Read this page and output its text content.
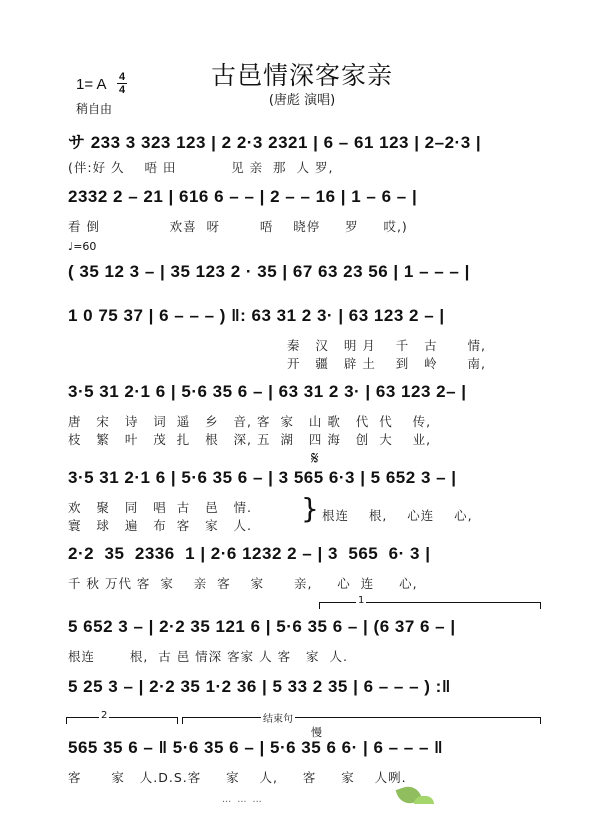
古邑情深客家亲
(唐彪 演唱)
1= A 4
4
稍自由
サ 233 3 323 123 | 2 2·3 2321 | 6 – 61 123 | 2–2·3 |
(伴:好 久    唔 田           见 亲  那  人 罗,
2332 2 – 21 | 616 6 – – | 2 – – 16 | 1 – 6 – |
看 倒              欢喜  呀        唔    晓停     罗     哎,)
♩=60
( 35 12 3 – | 35 123 2 · 35 | 67 63 23 56 | 1 – – – |
1 0 75 37 | 6 – – – ) ‖: 63 31 2 3· | 63 123 2 – |
秦   汉   明 月    千   古      情,
开   疆   辟 土    到   岭      南,
3·5 31 2·1 6 | 5·6 35 6 – | 63 31 2 3· | 63 123 2– |
唐   宋   诗   词  遥   乡   音, 客  家   山 歌   代  代    传,
枝   繁   叶   茂  扎   根   深, 五  湖   四 海   创  大    业,
𝄋
3·5 31 2·1 6 | 5·6 35 6 – | 3 565 6·3 | 5 652 3 – |
欢   聚   同   唱  古   邑   情.
寰   球   遍   布  客   家   人.
} 根连    根,    心连    心,
2·2  35  2336  1 | 2·6 1232 2 – | 3  565  6· 3 |
千 秋 万代 客  家    亲  客    家      亲,     心  连     心,
1
5 652 3 – | 2·2 35 121 6 | 5·6 35 6 – | (6 37 6 – |
根连       根,  古 邑 情深 客家 人 客   家  人.
5 25 3 – | 2·2 35 1·2 36 | 5 33 2 35 | 6 – – – ) :‖
2	结束句
慢
565 35 6 – ‖ 5·6 35 6 – | 5·6 35 6 6· | 6 – – – ‖
客      家   人.D.S.客     家    人,     客     家    人咧.
...  ...  ...
